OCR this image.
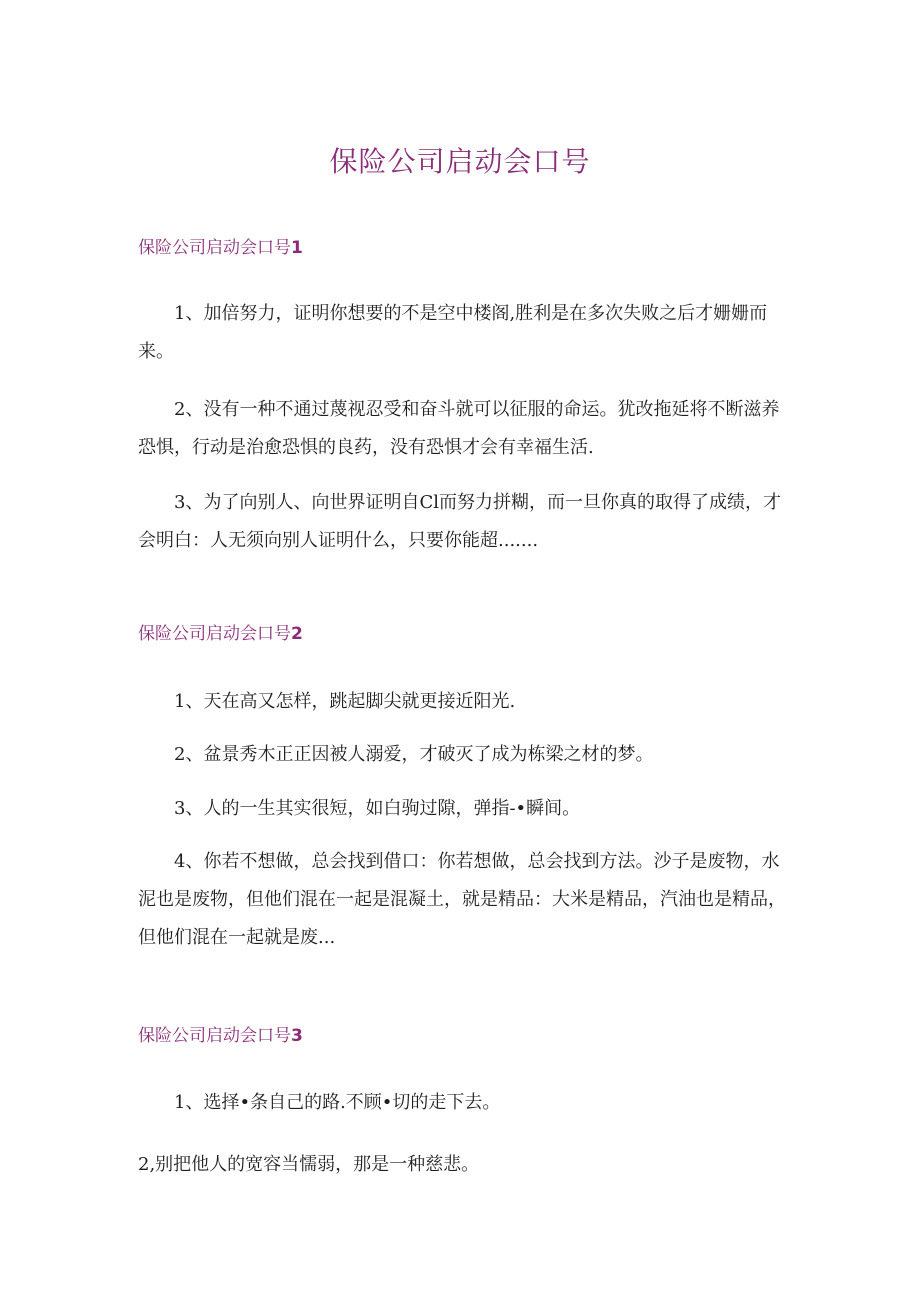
保险公司启动会口号
保险公司启动会口号1

1、加倍努力，证明你想要的不是空中楼阁,胜利是在多次失败之后才姗姗而来。

2、没有一种不通过蔑视忍受和奋斗就可以征服的命运。犹改拖延将不断滋养恐惧，行动是治愈恐惧的良药，没有恐惧才会有幸福生活.

3、为了向别人、向世界证明自Cl而努力拼糊，而一旦你真的取得了成绩，才会明白：人无须向别人证明什么，只要你能超.......

保险公司启动会口号2

1、天在高又怎样，跳起脚尖就更接近阳光.

2、盆景秀木正正因被人溺爱，才破灭了成为栋梁之材的梦。

3、人的一生其实很短，如白驹过隙，弹指-•瞬间。

4、你若不想做，总会找到借口：你若想做，总会找到方法。沙子是废物，水泥也是废物，但他们混在一起是混凝土，就是精品：大米是精品，汽油也是精品，但他们混在一起就是废...

保险公司启动会口号3

1、选择•条自己的路.不顾•切的走下去。

2,别把他人的宽容当懦弱，那是一种慈悲。
